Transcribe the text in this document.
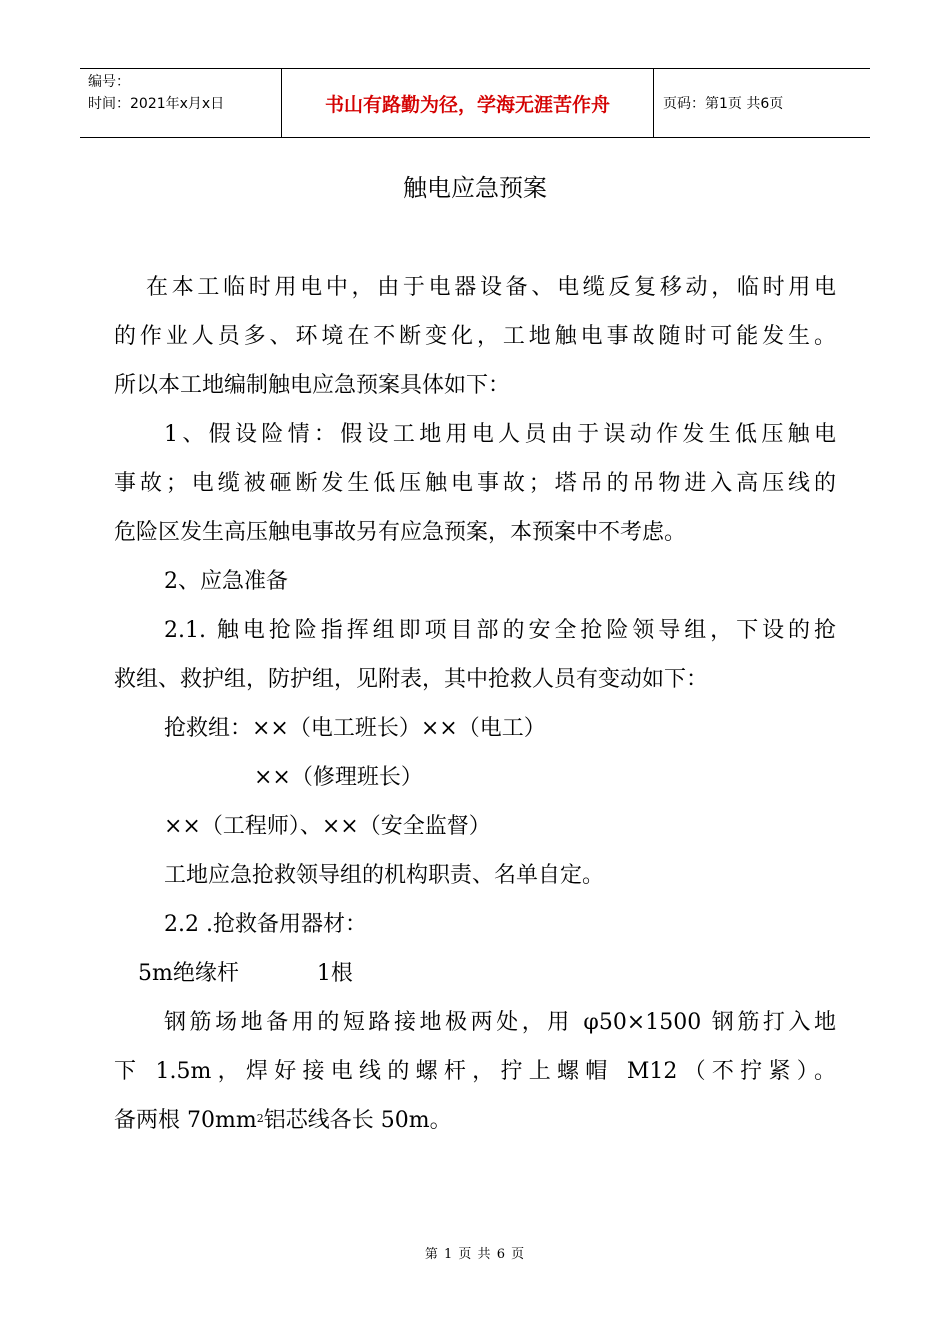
编号：
时间：2021年x月x日	书山有路勤为径，学海无涯苦作舟	页码：第1页 共6页
触电应急预案

在本工临时用电中，由于电器设备、电缆反复移动，临时用电

的作业人员多、环境在不断变化，工地触电事故随时可能发生。

所以本工地编制触电应急预案具体如下：

1、假设险情：假设工地用电人员由于误动作发生低压触电

事故；电缆被砸断发生低压触电事故；塔吊的吊物进入高压线的

危险区发生高压触电事故另有应急预案，本预案中不考虑。

2、应急准备

2.1. 触电抢险指挥组即项目部的安全抢险领导组，下设的抢

救组、救护组，防护组，见附表，其中抢救人员有变动如下：

抢救组：××（电工班长）××（电工）

××（修理班长）

××（工程师）、××（安全监督）

工地应急抢救领导组的机构职责、名单自定。

2.2 .抢救备用器材：

5m绝缘杆	1根

钢筋场地备用的短路接地极两处，用 φ50×1500 钢筋打入地

下 1.5m，焊好接电线的螺杆，拧上螺帽 M12（不拧紧）。

备两根 $70mm^2$铝芯线各长 50m。

第 1 页 共 6 页
